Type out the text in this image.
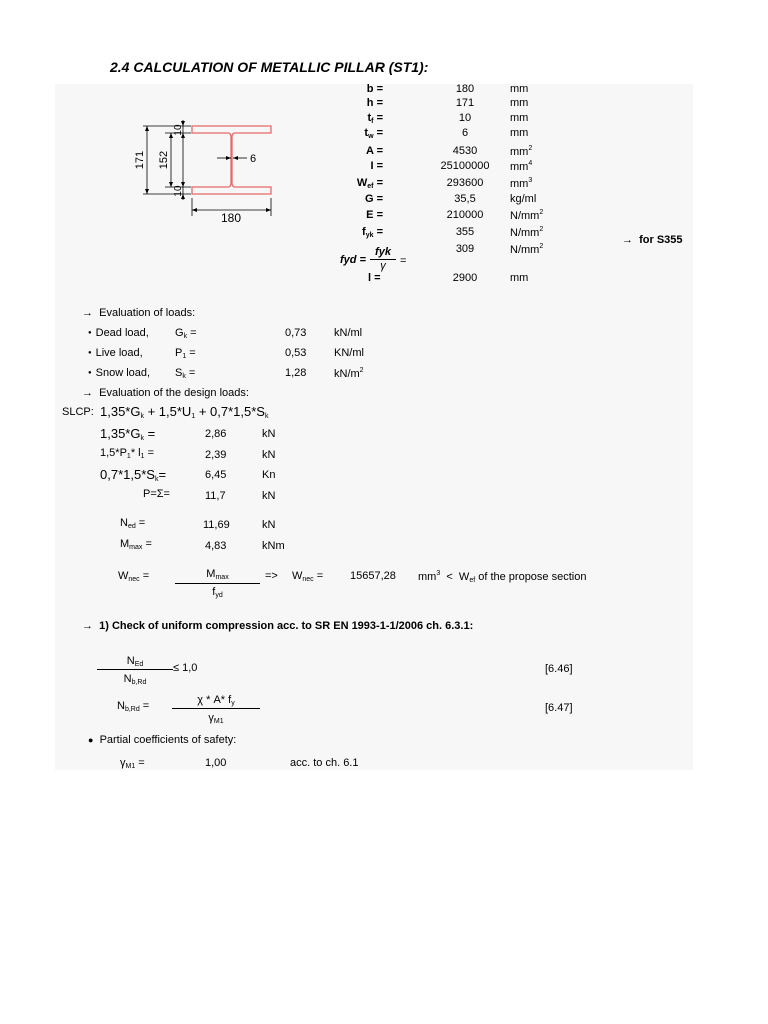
2.4 CALCULATION OF METALLIC PILLAR (ST1):
171 152
10
10
6
180
b =	180	mm
h =	171	mm
$t_f$ =	10	mm
$t_w$ =	6	mm
A =	4530	$mm^2$
I =	25100000 $mm^4$
$W_{ef}$ =	293600	$mm^3$
G =	35,5	kg/ml
E =	210000	$N/mm^2$
$f_{yk}$ =	355	$N/mm^2$
fyd =
fyk
γ	=
309	$N/mm^2$
l =	2900	mm
→ for S355
→ Evaluation of loads:
● Dead load, $G_k$ =	0,73	kN/ml
● Live load,	$P_1$ =	0,53	KN/ml
● Snow load, $S_k$ =	1,28	$kN/m^2$
→ Evaluation of the design loads:
SLCP: $1,35*G_k + 1,5*U_1 + 0,7*1,5*S_k$
$1,35*G_k$ =	2,86	kN
$1,5*P_1*$ $l_1$ =	2,39	kN
$0,7*1,5*S_k=$	6,45	Kn
P=Σ=	11,7	kN
$N_{ed}$ =	11,69	kN
$M_{max}$ =	4,83	kNm
$W_{nec}$ =	$M_{max}$
$f_{yd}$
=> $W_{nec} = 15657,28$ $mm^3 < W_{ef}$ of the propose section
→ 1) Check of uniform compression acc. to SR EN 1993-1-1/2006 ch. 6.3.1:
$N_{Ed}$
$N_{b,Rd}$
≤ 1,0	[6.46]
$N_{b,Rd}$ =	χ * A* $f_y$
$\gamma_{M1}$
[6.47]
● Partial coefficients of safety:
$\gamma_{M1}$ =	1,00	acc. to ch. 6.1
